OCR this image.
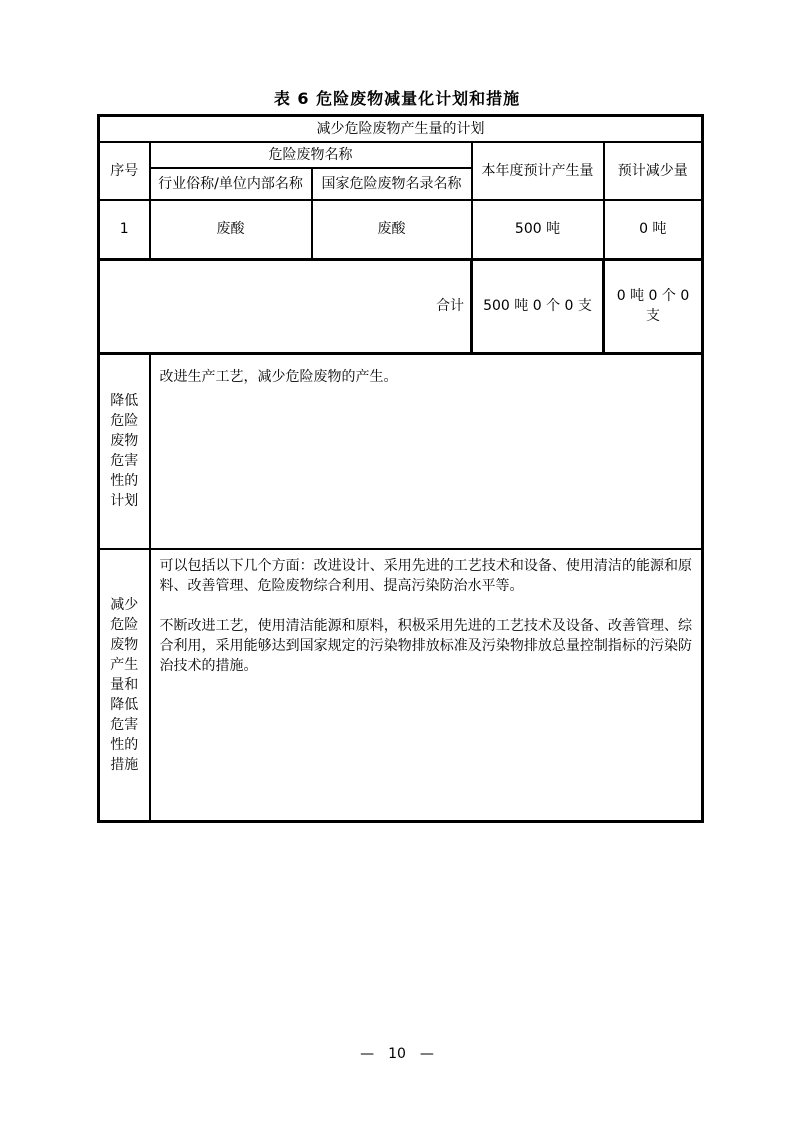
表 6 危险废物减量化计划和措施
减少危险废物产生量的计划				
序号	危险废物名称		本年度预计产生量	预计减少量
	行业俗称/单位内部名称	国家危险废物名录名称		
1	废酸	废酸	500 吨	0 吨
合计			500 吨 0 个 0 支	0 吨 0 个 0 支

降低危险废物危害性的计划	改进生产工艺，减少危险废物的产生。			

减少危险废物产生量和降低危害性的措施	可以包括以下几个方面：改进设计、采用先进的工艺技术和设备、使用清洁的能源和原料、改善管理、危险废物综合利用、提高污染防治水平等。

不断改进工艺，使用清洁能源和原料，积极采用先进的工艺技术及设备、改善管理、综合利用，采用能够达到国家规定的污染物排放标准及污染物排放总量控制指标的污染防治技术的措施。			

— 10 —
